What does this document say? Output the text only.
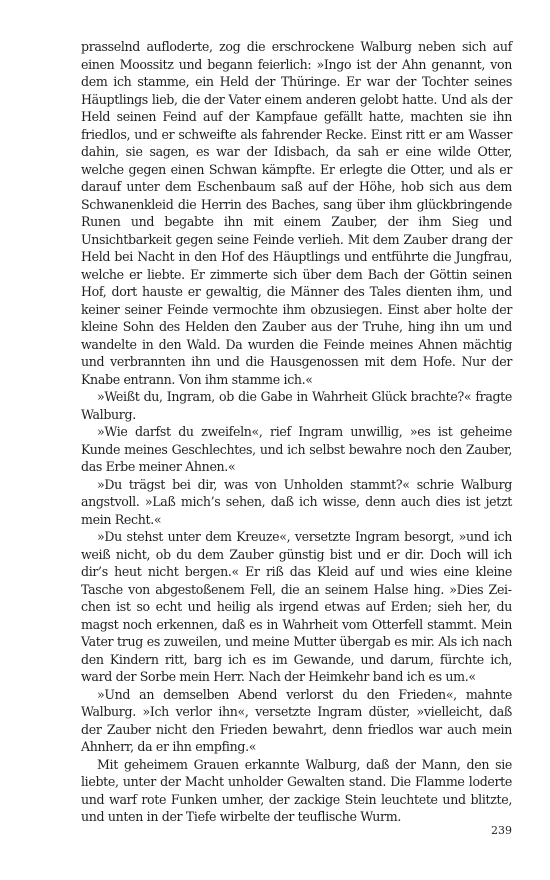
prasselnd aufloderte, zog die erschrockene Walburg neben sich auf einen Moossitz und begann feierlich: »Ingo ist der Ahn genannt, von dem ich stamme, ein Held der Thüringe. Er war der Tochter seines Häuptlings lieb, die der Vater einem anderen gelobt hatte. Und als der Held seinen Feind auf der Kampfaue gefällt hatte, machten sie ihn friedlos, und er schweifte als fahrender Recke. Einst ritt er am Wasser dahin, sie sagen, es war der Idisbach, da sah er eine wilde Otter, welche gegen einen Schwan kämpfte. Er erlegte die Otter, und als er darauf unter dem Eschenbaum saß auf der Höhe, hob sich aus dem Schwanenkleid die Herrin des Baches, sang über ihm glückbringende Runen und begabte ihn mit einem Zauber, der ihm Sieg und Unsichtbarkeit gegen seine Feinde verlieh. Mit dem Zauber drang der Held bei Nacht in den Hof des Häuptlings und entführte die Jungfrau, welche er liebte. Er zimmerte sich über dem Bach der Göttin seinen Hof, dort hauste er gewaltig, die Männer des Tales dienten ihm, und keiner seiner Feinde vermochte ihm obzusiegen. Einst aber holte der kleine Sohn des Helden den Zauber aus der Truhe, hing ihn um und wandelte in den Wald. Da wurden die Feinde meines Ahnen mächtig und verbrannten ihn und die Hausgenossen mit dem Hofe. Nur der Knabe entrann. Von ihm stamme ich.«

»Weißt du, Ingram, ob die Gabe in Wahrheit Glück brachte?« fragte Walburg.

»Wie darfst du zweifeln«, rief Ingram unwillig, »es ist geheime Kunde meines Geschlechtes, und ich selbst bewahre noch den Zauber, das Erbe meiner Ahnen.«

»Du trägst bei dir, was von Unholden stammt?« schrie Walburg angstvoll. »Laß mich’s sehen, daß ich wisse, denn auch dies ist jetzt mein Recht.«

»Du stehst unter dem Kreuze«, versetzte Ingram besorgt, »und ich weiß nicht, ob du dem Zauber günstig bist und er dir. Doch will ich dir’s heut nicht bergen.« Er riß das Kleid auf und wies eine kleine Tasche von abgestoßenem Fell, die an seinem Halse hing. »Dies Zeichen ist so echt und heilig als irgend etwas auf Erden; sieh her, du magst noch erkennen, daß es in Wahrheit vom Otterfell stammt. Mein Vater trug es zuweilen, und meine Mutter übergab es mir. Als ich nach den Kindern ritt, barg ich es im Gewande, und darum, fürchte ich, ward der Sorbe mein Herr. Nach der Heimkehr band ich es um.«

»Und an demselben Abend verlorst du den Frieden«, mahnte Walburg. »Ich verlor ihn«, versetzte Ingram düster, »vielleicht, daß der Zauber nicht den Frieden bewahrt, denn friedlos war auch mein Ahnherr, da er ihn empfing.«

Mit geheimem Grauen erkannte Walburg, daß der Mann, den sie liebte, unter der Macht unholder Gewalten stand. Die Flamme loderte und warf rote Funken umher, der zackige Stein leuchtete und blitzte, und unten in der Tiefe wirbelte der teuflische Wurm.

239
